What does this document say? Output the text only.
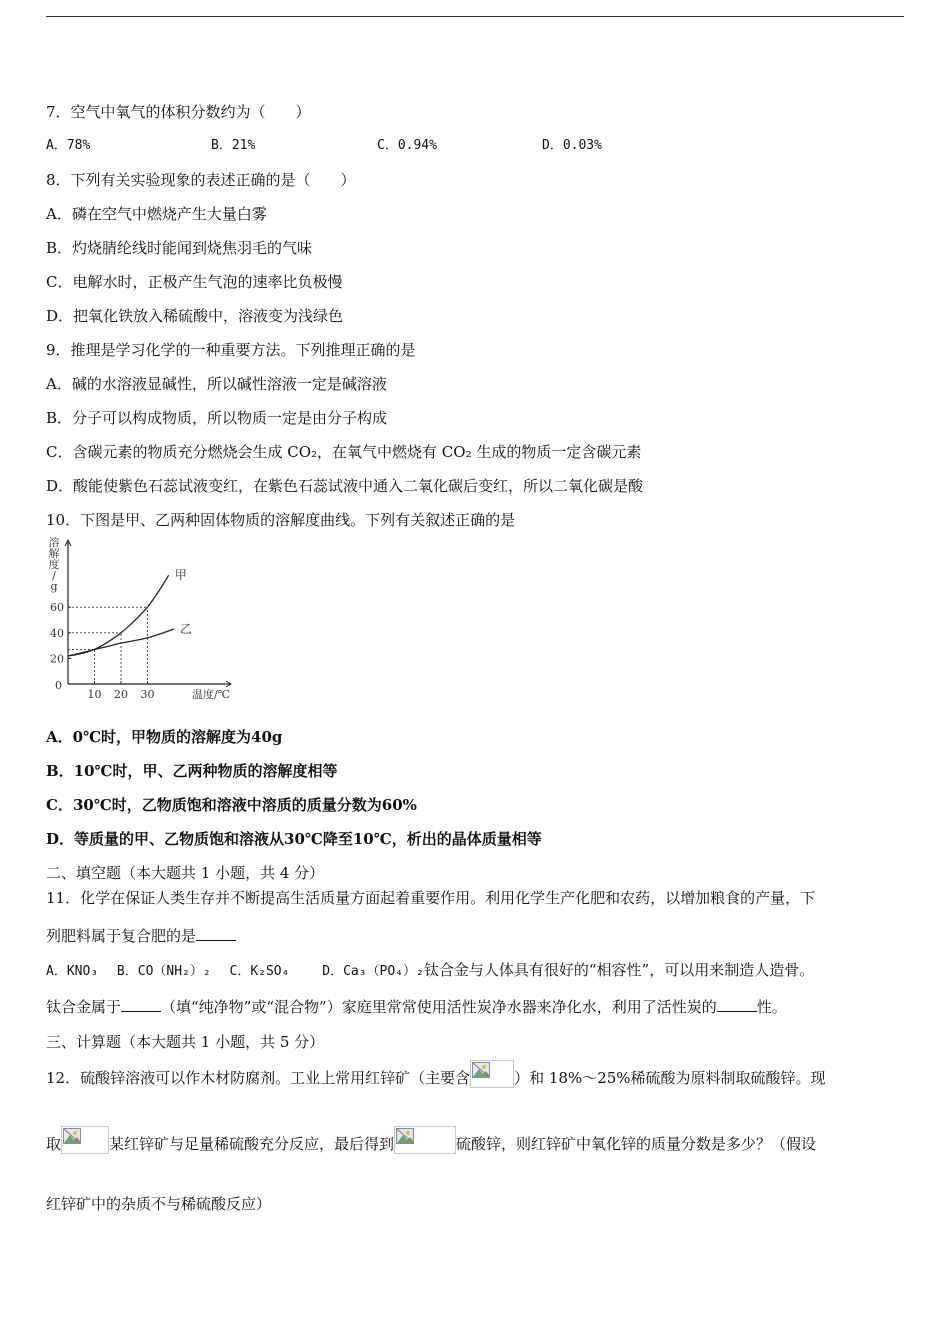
7．空气中氧气的体积分数约为（　　）
A．78%	B．21%	C．0.94%	D．0.03%
8．下列有关实验现象的表述正确的是（　　）
A．磷在空气中燃烧产生大量白雾
B．灼烧腈纶线时能闻到烧焦羽毛的气味
C．电解水时，正极产生气泡的速率比负极慢
D．把氧化铁放入稀硫酸中，溶液变为浅绿色
9．推理是学习化学的一种重要方法。下列推理正确的是
A．碱的水溶液显碱性，所以碱性溶液一定是碱溶液
B．分子可以构成物质，所以物质一定是由分子构成
C．含碳元素的物质充分燃烧会生成 CO₂，在氧气中燃烧有 CO₂ 生成的物质一定含碳元素
D．酸能使紫色石蕊试液变红，在紫色石蕊试液中通入二氧化碳后变红，所以二氧化碳是酸
10．下图是甲、乙两种固体物质的溶解度曲线。下列有关叙述正确的是
溶解度/ g
20
40
60
0
10 20 30	温度/℃
甲
乙
A．0℃时，甲物质的溶解度为40g
B．10℃时，甲、乙两种物质的溶解度相等
C．30℃时，乙物质饱和溶液中溶质的质量分数为60%
D．等质量的甲、乙物质饱和溶液从30℃降至10℃，析出的晶体质量相等
二、填空题（本大题共 1 小题，共 4 分）
11．化学在保证人类生存并不断提高生活质量方面起着重要作用。利用化学生产化肥和农药，以增加粮食的产量，下
列肥料属于复合肥的是
A．KNO₃ B．CO（NH₂）₂ C．K₂SO₄	D．Ca₃（PO₄）₂钛合金与人体具有很好的“相容性”，可以用来制造人造骨。
钛合金属于	（填“纯净物”或“混合物”）家庭里常常使用活性炭净水器来净化水，利用了活性炭的	性。
三、计算题（本大题共 1 小题，共 5 分）
12．硫酸锌溶液可以作木材防腐剂。工业上常用红锌矿（主要含	）和 18%～25%稀硫酸为原料制取硫酸锌。现
取	某红锌矿与足量稀硫酸充分反应，最后得到	硫酸锌，则红锌矿中氧化锌的质量分数是多少？（假设
红锌矿中的杂质不与稀硫酸反应）
